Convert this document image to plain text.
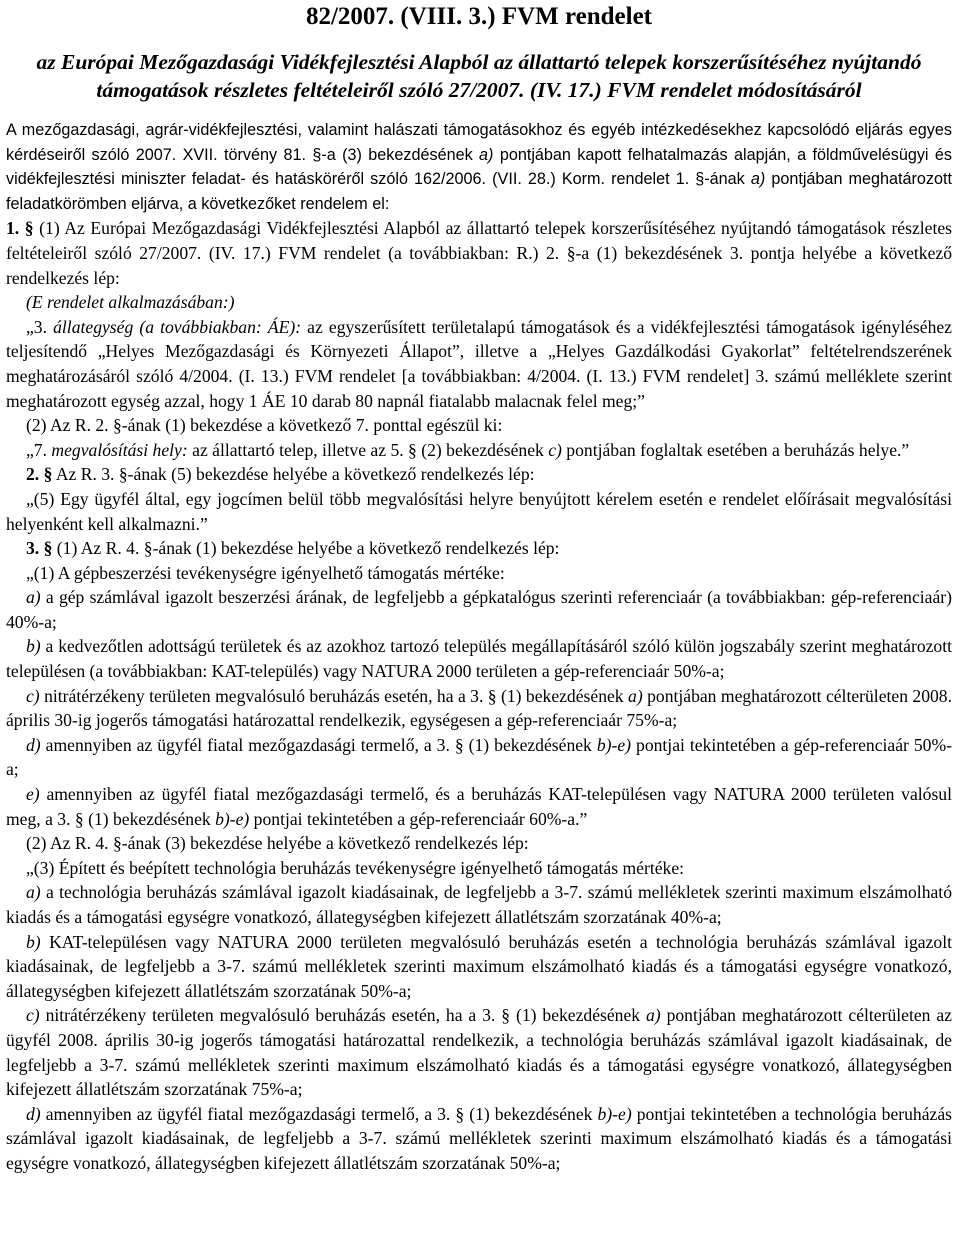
82/2007. (VIII. 3.) FVM rendelet
az Európai Mezőgazdasági Vidékfejlesztési Alapból az állattartó telepek korszerűsítéséhez nyújtandó támogatások részletes feltételeiről szóló 27/2007. (IV. 17.) FVM rendelet módosításáról

A mezőgazdasági, agrár-vidékfejlesztési, valamint halászati támogatásokhoz és egyéb intézkedésekhez kapcsolódó eljárás egyes kérdéseiről szóló 2007. XVII. törvény 81. §-a (3) bekezdésének a) pontjában kapott felhatalmazás alapján, a földművelésügyi és vidékfejlesztési miniszter feladat- és hatásköréről szóló 162/2006. (VII. 28.) Korm. rendelet 1. §-ának a) pontjában meghatározott feladatkörömben eljárva, a következőket rendelem el:

1. § (1) Az Európai Mezőgazdasági Vidékfejlesztési Alapból az állattartó telepek korszerűsítéséhez nyújtandó támogatások részletes feltételeiről szóló 27/2007. (IV. 17.) FVM rendelet (a továbbiakban: R.) 2. §-a (1) bekezdésének 3. pontja helyébe a következő rendelkezés lép:

(E rendelet alkalmazásában:)

„3. állategység (a továbbiakban: ÁE): az egyszerűsített területalapú támogatások és a vidékfejlesztési támogatások igényléséhez teljesítendő „Helyes Mezőgazdasági és Környezeti Állapot”, illetve a „Helyes Gazdálkodási Gyakorlat” feltételrendszerének meghatározásáról szóló 4/2004. (I. 13.) FVM rendelet [a továbbiakban: 4/2004. (I. 13.) FVM rendelet] 3. számú melléklete szerint meghatározott egység azzal, hogy 1 ÁE 10 darab 80 napnál fiatalabb malacnak felel meg;”

(2) Az R. 2. §-ának (1) bekezdése a következő 7. ponttal egészül ki:

„7. megvalósítási hely: az állattartó telep, illetve az 5. § (2) bekezdésének c) pontjában foglaltak esetében a beruházás helye.”

2. § Az R. 3. §-ának (5) bekezdése helyébe a következő rendelkezés lép:

„(5) Egy ügyfél által, egy jogcímen belül több megvalósítási helyre benyújtott kérelem esetén e rendelet előírásait megvalósítási helyenként kell alkalmazni.”

3. § (1) Az R. 4. §-ának (1) bekezdése helyébe a következő rendelkezés lép:

„(1) A gépbeszerzési tevékenységre igényelhető támogatás mértéke:

a) a gép számlával igazolt beszerzési árának, de legfeljebb a gépkatalógus szerinti referenciaár (a továbbiakban: gép-referenciaár) 40%-a;

b) a kedvezőtlen adottságú területek és az azokhoz tartozó település megállapításáról szóló külön jogszabály szerint meghatározott településen (a továbbiakban: KAT-település) vagy NATURA 2000 területen a gép-referenciaár 50%-a;

c) nitrátérzékeny területen megvalósuló beruházás esetén, ha a 3. § (1) bekezdésének a) pontjában meghatározott célterületen 2008. április 30-ig jogerős támogatási határozattal rendelkezik, egységesen a gép-referenciaár 75%-a;

d) amennyiben az ügyfél fiatal mezőgazdasági termelő, a 3. § (1) bekezdésének b)-e) pontjai tekintetében a gép-referenciaár 50%-a;

e) amennyiben az ügyfél fiatal mezőgazdasági termelő, és a beruházás KAT-településen vagy NATURA 2000 területen valósul meg, a 3. § (1) bekezdésének b)-e) pontjai tekintetében a gép-referenciaár 60%-a.”

(2) Az R. 4. §-ának (3) bekezdése helyébe a következő rendelkezés lép:

„(3) Épített és beépített technológia beruházás tevékenységre igényelhető támogatás mértéke:

a) a technológia beruházás számlával igazolt kiadásainak, de legfeljebb a 3-7. számú mellékletek szerinti maximum elszámolható kiadás és a támogatási egységre vonatkozó, állategységben kifejezett állatlétszám szorzatának 40%-a;

b) KAT-településen vagy NATURA 2000 területen megvalósuló beruházás esetén a technológia beruházás számlával igazolt kiadásainak, de legfeljebb a 3-7. számú mellékletek szerinti maximum elszámolható kiadás és a támogatási egységre vonatkozó, állategységben kifejezett állatlétszám szorzatának 50%-a;

c) nitrátérzékeny területen megvalósuló beruházás esetén, ha a 3. § (1) bekezdésének a) pontjában meghatározott célterületen az ügyfél 2008. április 30-ig jogerős támogatási határozattal rendelkezik, a technológia beruházás számlával igazolt kiadásainak, de legfeljebb a 3-7. számú mellékletek szerinti maximum elszámolható kiadás és a támogatási egységre vonatkozó, állategységben kifejezett állatlétszám szorzatának 75%-a;

d) amennyiben az ügyfél fiatal mezőgazdasági termelő, a 3. § (1) bekezdésének b)-e) pontjai tekintetében a technológia beruházás számlával igazolt kiadásainak, de legfeljebb a 3-7. számú mellékletek szerinti maximum elszámolható kiadás és a támogatási egységre vonatkozó, állategységben kifejezett állatlétszám szorzatának 50%-a;
